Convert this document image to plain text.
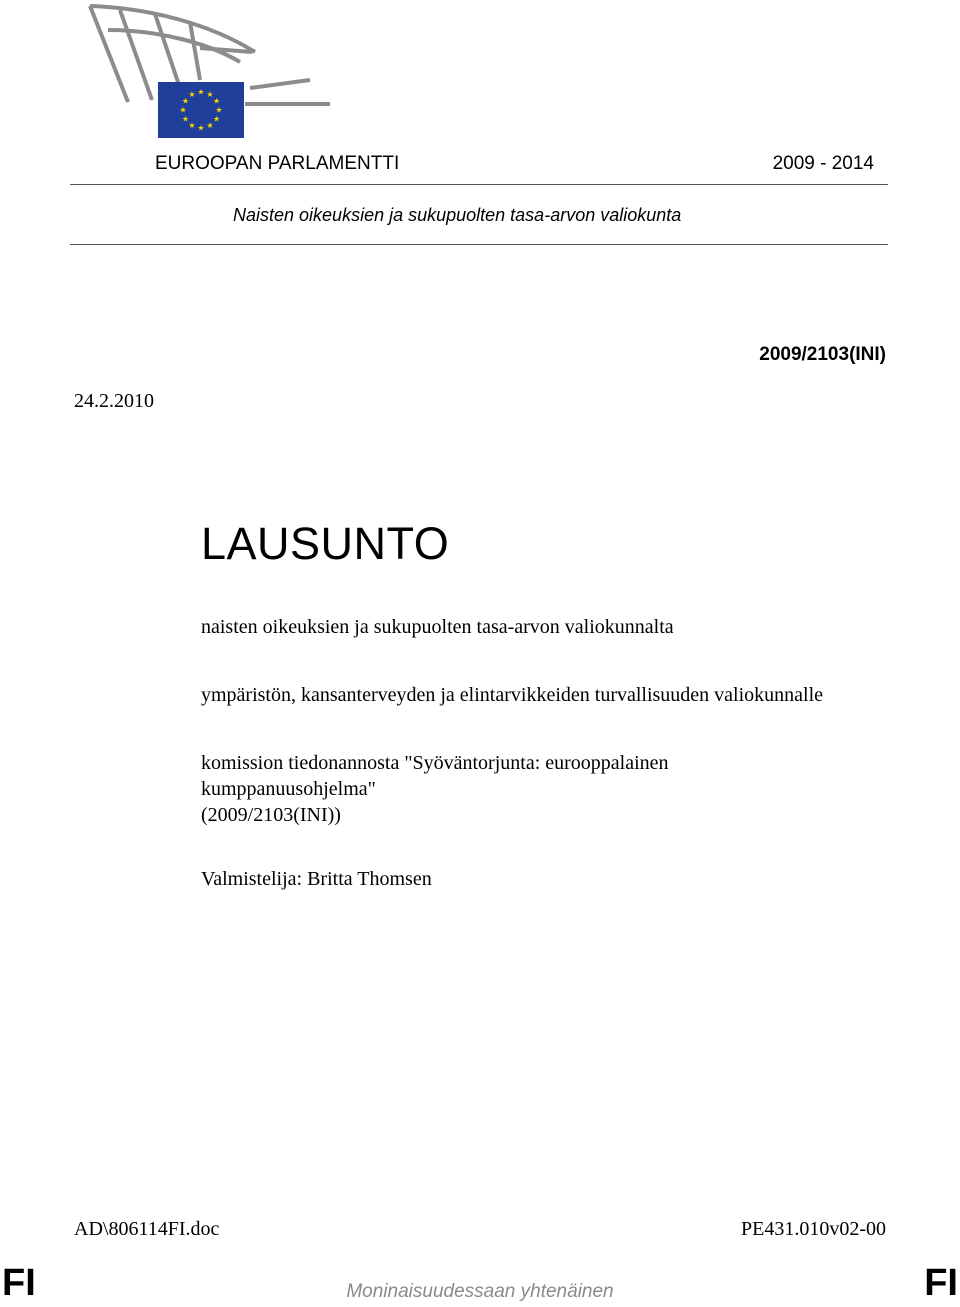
★ ★
★
★
★
★
★
★
★
★
★
★
EUROOPAN PARLAMENTTI	2009 - 2014
Naisten oikeuksien ja sukupuolten tasa-arvon valiokunta
2009/2103(INI)
24.2.2010
LAUSUNTO
naisten oikeuksien ja sukupuolten tasa-arvon valiokunnalta
ympäristön, kansanterveyden ja elintarvikkeiden turvallisuuden valiokunnalle
komission tiedonannosta "Syöväntorjunta: eurooppalainen
kumppanuusohjelma"
(2009/2103(INI))
Valmistelija: Britta Thomsen
AD\806114FI.doc	PE431.010v02-00
FI	Moninaisuudessaan yhtenäinen	FI
